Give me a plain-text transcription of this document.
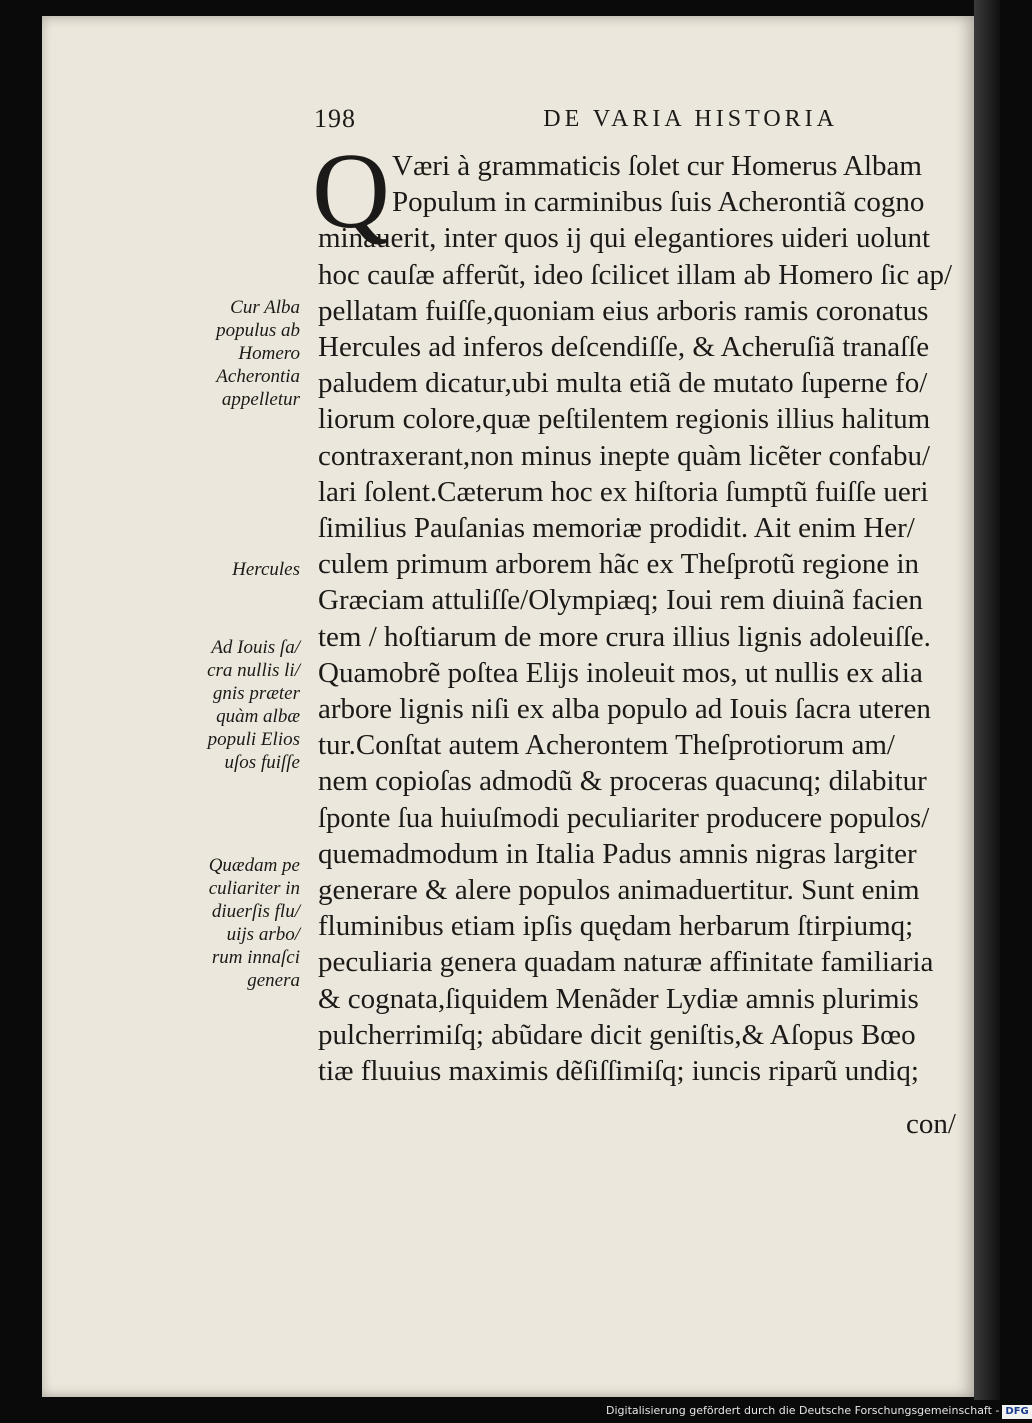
198	DE VARIA HISTORIA
Q Væri à grammaticis ſolet cur Homerus Albam
Populum in carminibus ſuis Acherontiã cogno
minauerit, inter quos ij qui elegantiores uideri uolunt
hoc cauſæ afferũt, ideo ſcilicet illam ab Homero ſic ap/
pellatam fuiſſe,quoniam eius arboris ramis coronatus
Hercules ad inferos deſcendiſſe, & Acheruſiã tranaſſe
paludem dicatur,ubi multa etiã de mutato ſuperne fo/
liorum colore,quæ peſtilentem regionis illius halitum
contraxerant,non minus inepte quàm licẽter confabu/
lari ſolent.Cæterum hoc ex hiſtoria ſumptũ fuiſſe ueri
ſimilius Pauſanias memoriæ prodidit. Ait enim Her/
culem primum arborem hãc ex Theſprotũ regione in
Græciam attuliſſe/Olympiæq; Ioui rem diuinã facien
tem / hoſtiarum de more crura illius lignis adoleuiſſe.
Quamobrẽ poſtea Elijs inoleuit mos, ut nullis ex alia
arbore lignis niſi ex alba populo ad Iouis ſacra uteren
tur.Conſtat autem Acherontem Theſprotiorum am/
nem copioſas admodũ & proceras quacunq; dilabitur
ſponte ſua huiuſmodi peculiariter producere populos/
quemadmodum in Italia Padus amnis nigras largiter
generare & alere populos animaduertitur. Sunt enim
fluminibus etiam ipſis quędam herbarum ſtirpiumq;
peculiaria genera quadam naturæ affinitate familiaria
& cognata,ſiquidem Menãder Lydiæ amnis plurimis
pulcherrimiſq; abũdare dicit geniſtis,& Aſopus Bœo
tiæ fluuius maximis dẽſiſſimiſq; iuncis riparũ undiq;
con/
Cur Alba
populus ab
Homero
Acherontia
appelletur
Hercules
Ad Iouis ſa/
cra nullis li/
gnis præter
quàm albæ
populi Elios
uſos fuiſſe
Quædam pe
culiariter in
diuerſis flu/
uijs arbo/
rum innaſci
genera
Digitalisierung gefördert durch die Deutsche Forschungsgemeinschaft - DFG
